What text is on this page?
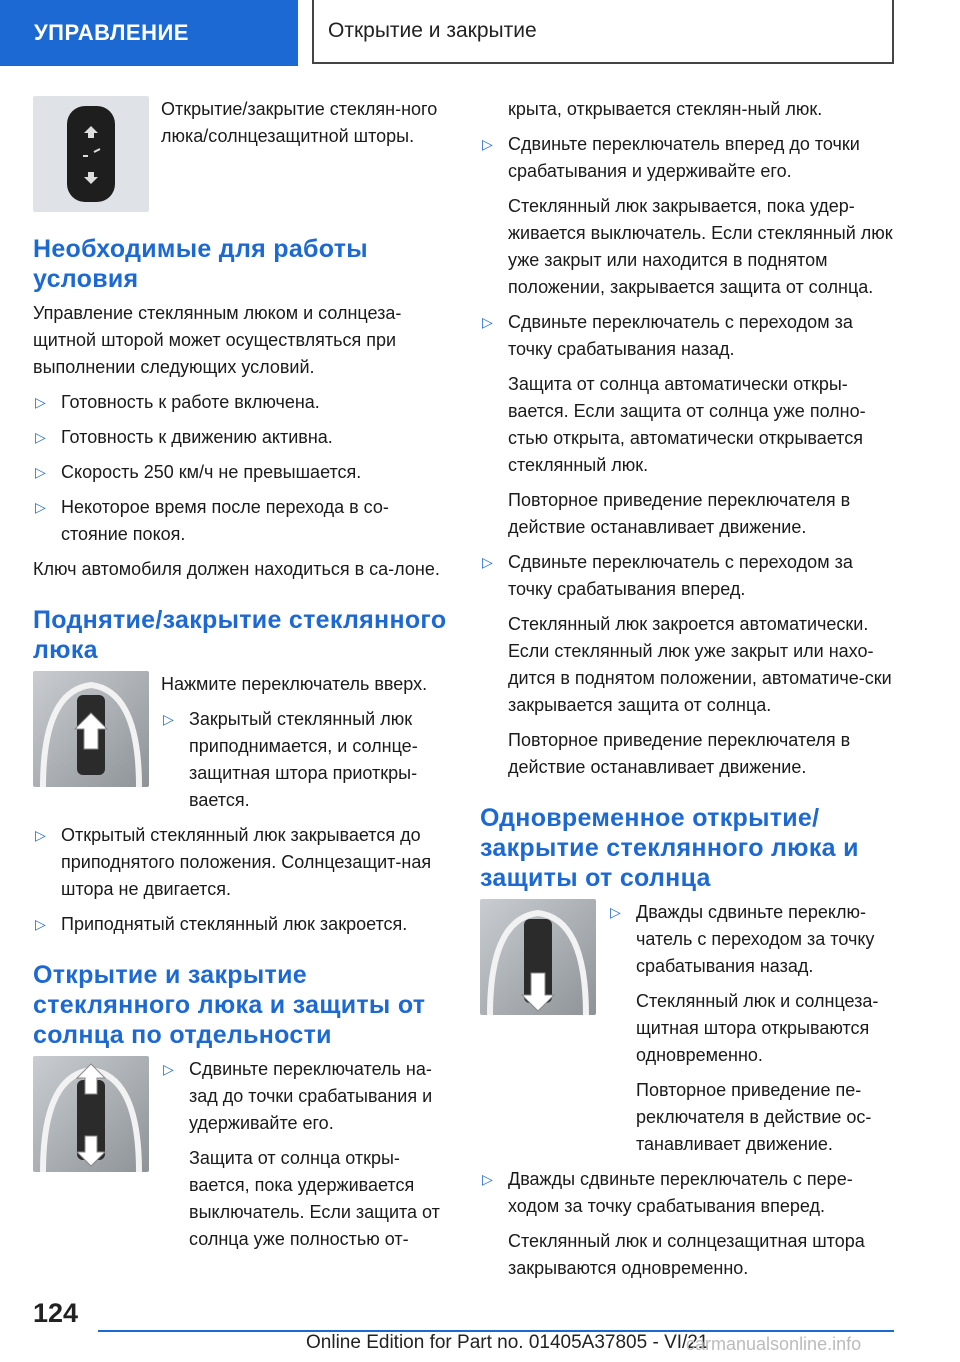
УПРАВЛЕНИЕ	Открытие и закрытие

Открытие/закрытие стеклян-ного люка/солнцезащитной шторы.

Необходимые для работы условия

Управление стеклянным люком и солнцеза-щитной шторой может осуществляться при выполнении следующих условий.

▷ Готовность к работе включена.
▷ Готовность к движению активна.
▷ Скорость 250 км/ч не превышается.
▷ Некоторое время после перехода в со-стояние покоя.

Ключ автомобиля должен находиться в са-лоне.

Поднятие/закрытие стеклянного люка

Нажмите переключатель вверх.

▷ Закрытый стеклянный люк приподнимается, и солнце-защитная штора приоткры-вается.
▷ Открытый стеклянный люк закрывается до приподнятого положения. Солнцезащит-ная штора не двигается.
▷ Приподнятый стеклянный люк закроется.
Открытие и закрытие стеклянного люка и защиты от солнца по отдельности
▷ Сдвиньте переключатель на-зад до точки срабатывания и удерживайте его.
Защита от солнца откры-вается, пока удерживается выключатель. Если защита от солнца уже полностью от-
крыта, открывается стеклян-ный люк.
▷ Сдвиньте переключатель вперед до точки срабатывания и удерживайте его.
Стеклянный люк закрывается, пока удер-живается выключатель. Если стеклянный люк уже закрыт или находится в поднятом положении, закрывается защита от солнца.
▷ Сдвиньте переключатель с переходом за точку срабатывания назад.
Защита от солнца автоматически откры-вается. Если защита от солнца уже полно-стью открыта, автоматически открывается стеклянный люк.
Повторное приведение переключателя в действие останавливает движение.
▷ Сдвиньте переключатель с переходом за точку срабатывания вперед.
Стеклянный люк закроется автоматически. Если стеклянный люк уже закрыт или нахо-дится в поднятом положении, автоматиче-ски закрывается защита от солнца.
Повторное приведение переключателя в действие останавливает движение.
Одновременное открытие/закрытие стеклянного люка и защиты от солнца
▷ Дважды сдвиньте переклю-чатель с переходом за точку срабатывания назад.
Стеклянный люк и солнцеза-щитная штора открываются одновременно.
Повторное приведение пе-реключателя в действие ос-танавливает движение.
▷ Дважды сдвиньте переключатель с пере-ходом за точку срабатывания вперед.
Стеклянный люк и солнцезащитная штора закрываются одновременно.
124
Online Edition for Part no. 01405A37805 - VI/21
carmanualsonline.info
